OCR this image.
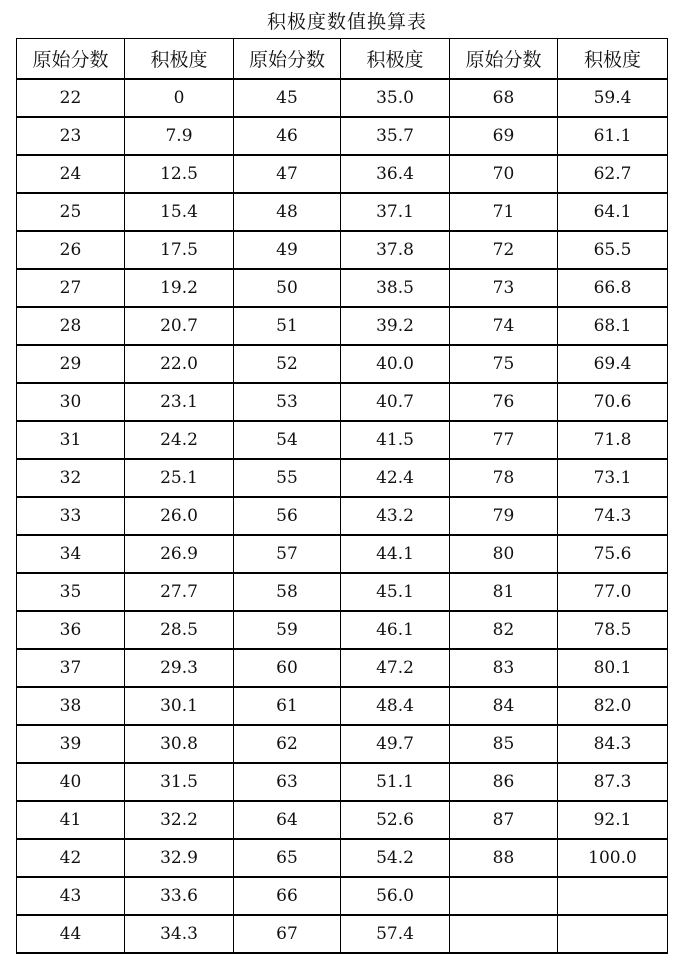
积极度数值换算表
原始分数	积极度	原始分数	积极度	原始分数	积极度
22	0	45	35.0	68	59.4
23	7.9	46	35.7	69	61.1
24	12.5	47	36.4	70	62.7
25	15.4	48	37.1	71	64.1
26	17.5	49	37.8	72	65.5
27	19.2	50	38.5	73	66.8
28	20.7	51	39.2	74	68.1
29	22.0	52	40.0	75	69.4
30	23.1	53	40.7	76	70.6
31	24.2	54	41.5	77	71.8
32	25.1	55	42.4	78	73.1
33	26.0	56	43.2	79	74.3
34	26.9	57	44.1	80	75.6
35	27.7	58	45.1	81	77.0
36	28.5	59	46.1	82	78.5
37	29.3	60	47.2	83	80.1
38	30.1	61	48.4	84	82.0
39	30.8	62	49.7	85	84.3
40	31.5	63	51.1	86	87.3
41	32.2	64	52.6	87	92.1
42	32.9	65	54.2	88	100.0
43	33.6	66	56.0		
44	34.3	67	57.4		
